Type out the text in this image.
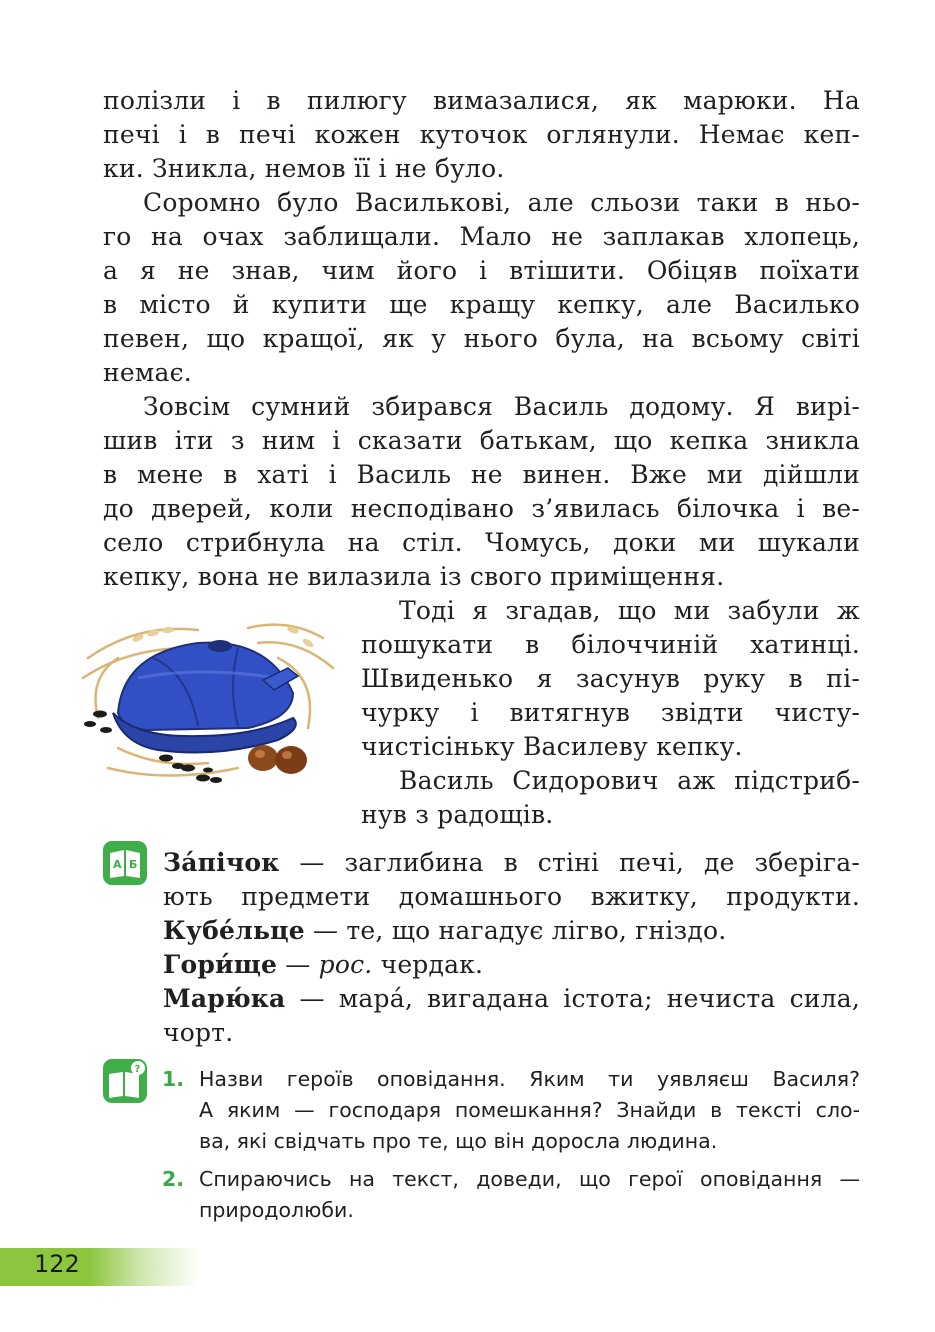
полізли і в пилюгу вимазалися, як марюки. На
печі і в печі кожен куточок оглянули. Немає кеп-
ки. Зникла, немов її і не було.
Соромно було Васильковi, але сльози таки в ньо-
го на очах заблищали. Мало не заплакав хлопець,
а я не знав, чим його і втішити. Обіцяв поїхати
в місто й купити ще кращу кепку, але Василько
певен, що кращої, як у нього була, на всьому світі
немає.
Зовсім сумний збирався Василь додому. Я вирі-
шив іти з ним і сказати батькам, що кепка зникла
в мене в хаті і Василь не винен. Вже ми дійшли
до дверей, коли несподівано з’явилась білочка і ве-
село стрибнула на стіл. Чомусь, доки ми шукали
кепку, вона не вилазила із свого приміщення.
Тоді я згадав, що ми забули ж
пошукати в білоччиній хатинці.
Швиденько я засунув руку в пі-
чурку і витягнув звідти чисту-
чистісіньку Василеву кепку.
Василь Сидорович аж підстриб-
нув з радощів.
А Б За́пічок — заглибина в стіні печі, де зберіга-
ють предмети домашнього вжитку, продукти.
Кубе́льце — те, що нагадує лігво, гніздо.
Гори́ще — рос. чердак.
Марю́ка — мара́, вигадана істота; нечиста сила,
чорт.
? 1. Назви героїв оповідання. Яким ти уявляєш Василя?
А яким — господаря помешкання? Знайди в тексті сло-
ва, які свідчать про те, що він доросла людина.
2. Спираючись на текст, доведи, що герої оповідання —
природолюби.
122
